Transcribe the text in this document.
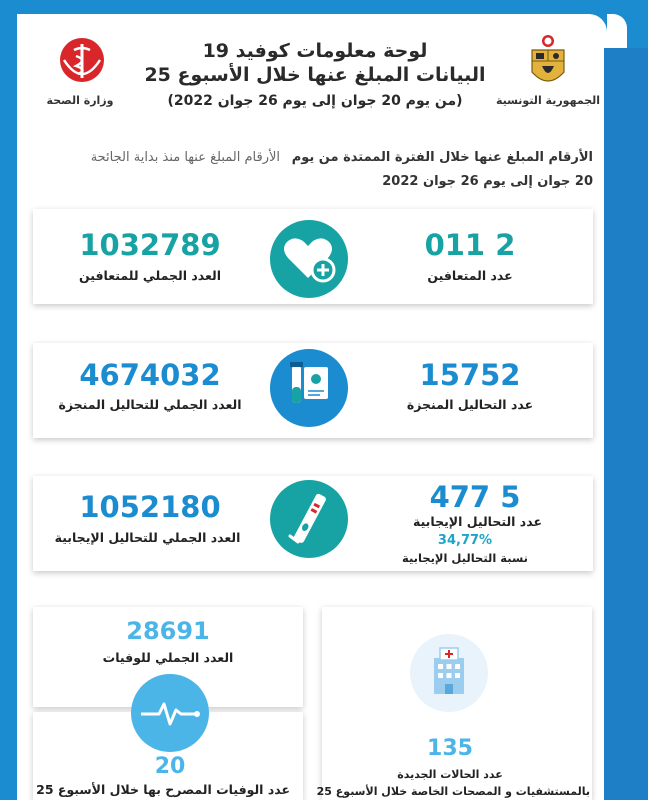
وزارة الصحة	الجمهورية التونسية
لوحة معلومات كوفيد 19
البيانات المبلغ عنها خلال الأسبوع 25
(من يوم 20 جوان إلى يوم 26 جوان 2022)
الأرقام المبلغ عنها منذ بداية الجائحة الأرقام المبلغ عنها خلال الفترة الممتدة من يوم
20 جوان إلى يوم 26 جوان 2022
1032789
العدد الجملي للمتعافين
2 011
عدد المتعافين
4674032
العدد الجملي للتحاليل المنجزة
15752
عدد التحاليل المنجزة
1052180
العدد الجملي للتحاليل الإيجابية
5 477
عدد التحاليل الإيجابية
34,77%
نسبة التحاليل الإيجابية
28691
العدد الجملي للوفيات
20
عدد الوفيات المصرح بها خلال الأسبوع 25
135
عدد الحالات الجديدة
بالمستشفيات و المصحات الخاصة خلال الأسبوع 25
